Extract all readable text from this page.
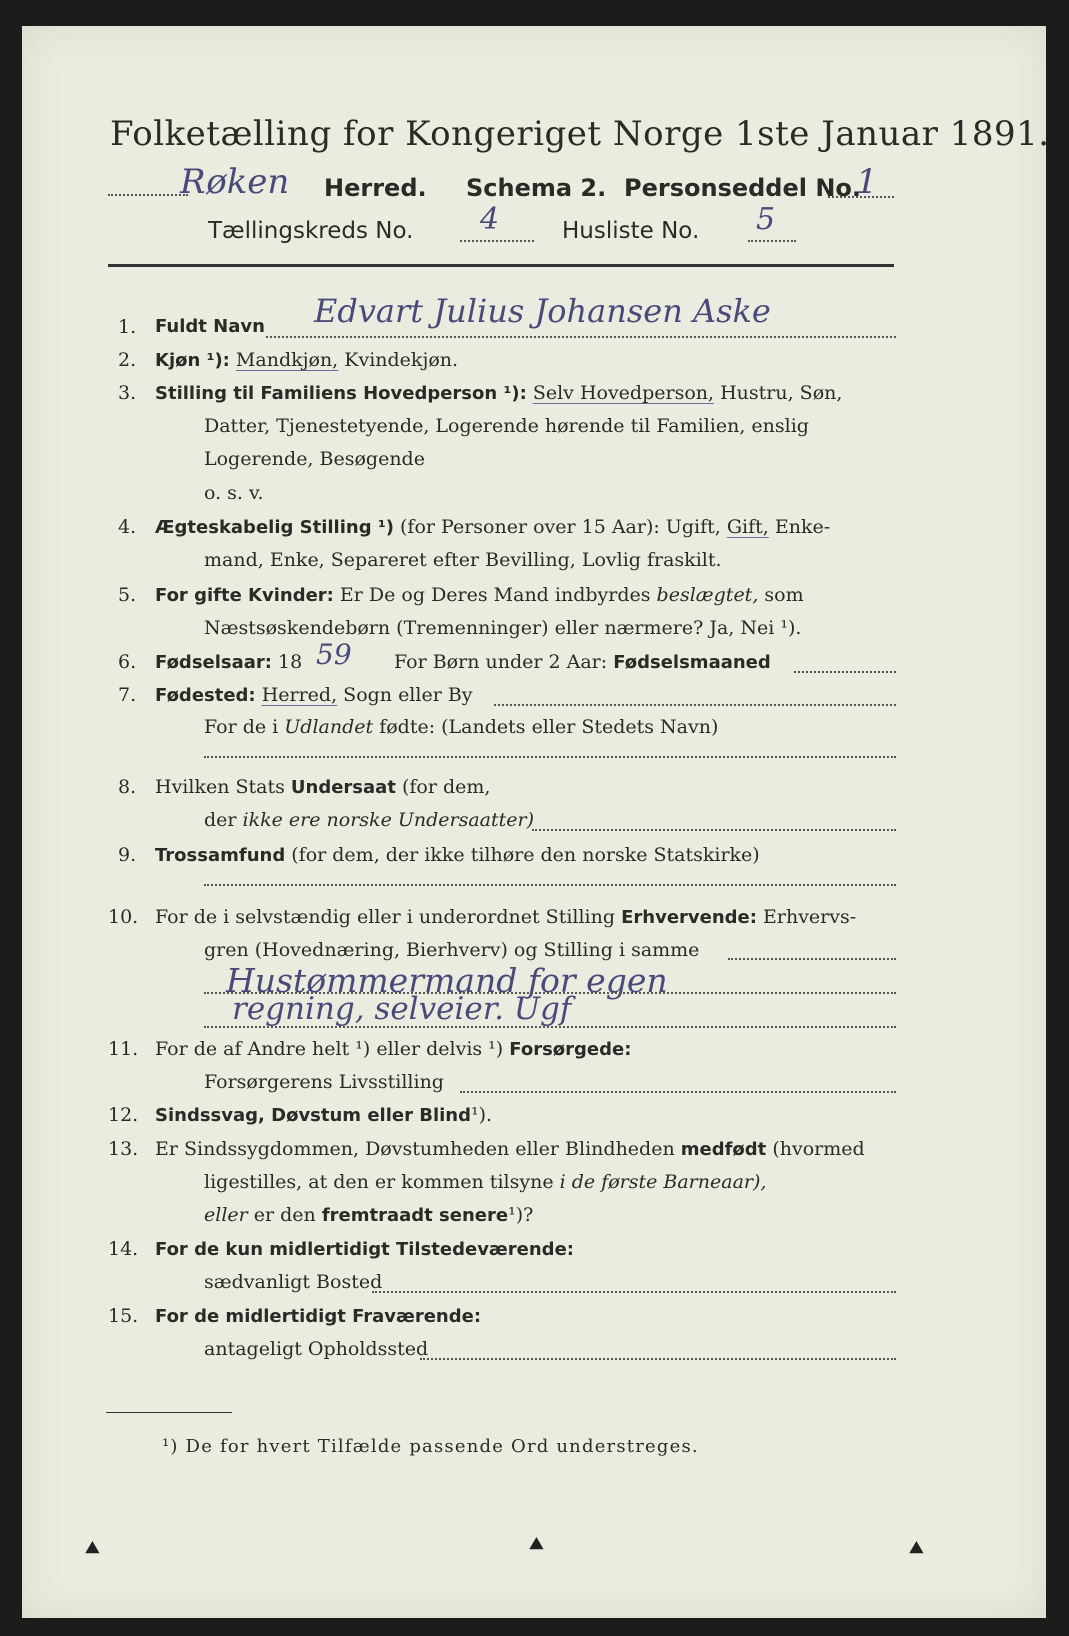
Folketælling for Kongeriget Norge 1ste Januar 1891.
Røken Herred. Schema 2. Personseddel No.
1
Tællingskreds No. 4	Husliste No. 5
1. Fuldt Navn Edvart Julius Johansen Aske
2. Kjøn ¹): Mandkjøn, Kvindekjøn.
3. Stilling til Familiens Hovedperson ¹): Selv Hovedperson, Hustru, Søn,
Datter, Tjenestetyende, Logerende hørende til Familien, enslig
Logerende, Besøgende
o. s. v.
4. Ægteskabelig Stilling ¹) (for Personer over 15 Aar): Ugift, Gift, Enke-
mand, Enke, Separeret efter Bevilling, Lovlig fraskilt.
5. For gifte Kvinder: Er De og Deres Mand indbyrdes beslægtet, som
Næstsøskendebørn (Tremenninger) eller nærmere? Ja, Nei ¹).
6. Fødselsaar: 18 59 For Børn under 2 Aar: Fødselsmaaned
7. Fødested: Herred, Sogn eller By
For de i Udlandet fødte: (Landets eller Stedets Navn)
8. Hvilken Stats Undersaat (for dem,
der ikke ere norske Undersaatter)
9. Trossamfund (for dem, der ikke tilhøre den norske Statskirke)
10. For de i selvstændig eller i underordnet Stilling Erhvervende: Erhvervs-
gren (Hovednæring, Bierhverv) og Stilling i samme
Hustømmermand for egen
regning, selveier. Ugf
11. For de af Andre helt ¹) eller delvis ¹) Forsørgede:
Forsørgerens Livsstilling
12. Sindssvag, Døvstum eller Blind¹).
13. Er Sindssygdommen, Døvstumheden eller Blindheden medfødt (hvormed
ligestilles, at den er kommen tilsyne i de første Barneaar),
eller er den fremtraadt senere¹)?
14. For de kun midlertidigt Tilstedeværende:
sædvanligt Bosted
15. For de midlertidigt Fraværende:
antageligt Opholdssted
¹) De for hvert Tilfælde passende Ord understreges.
⯅	⯅	⯅
